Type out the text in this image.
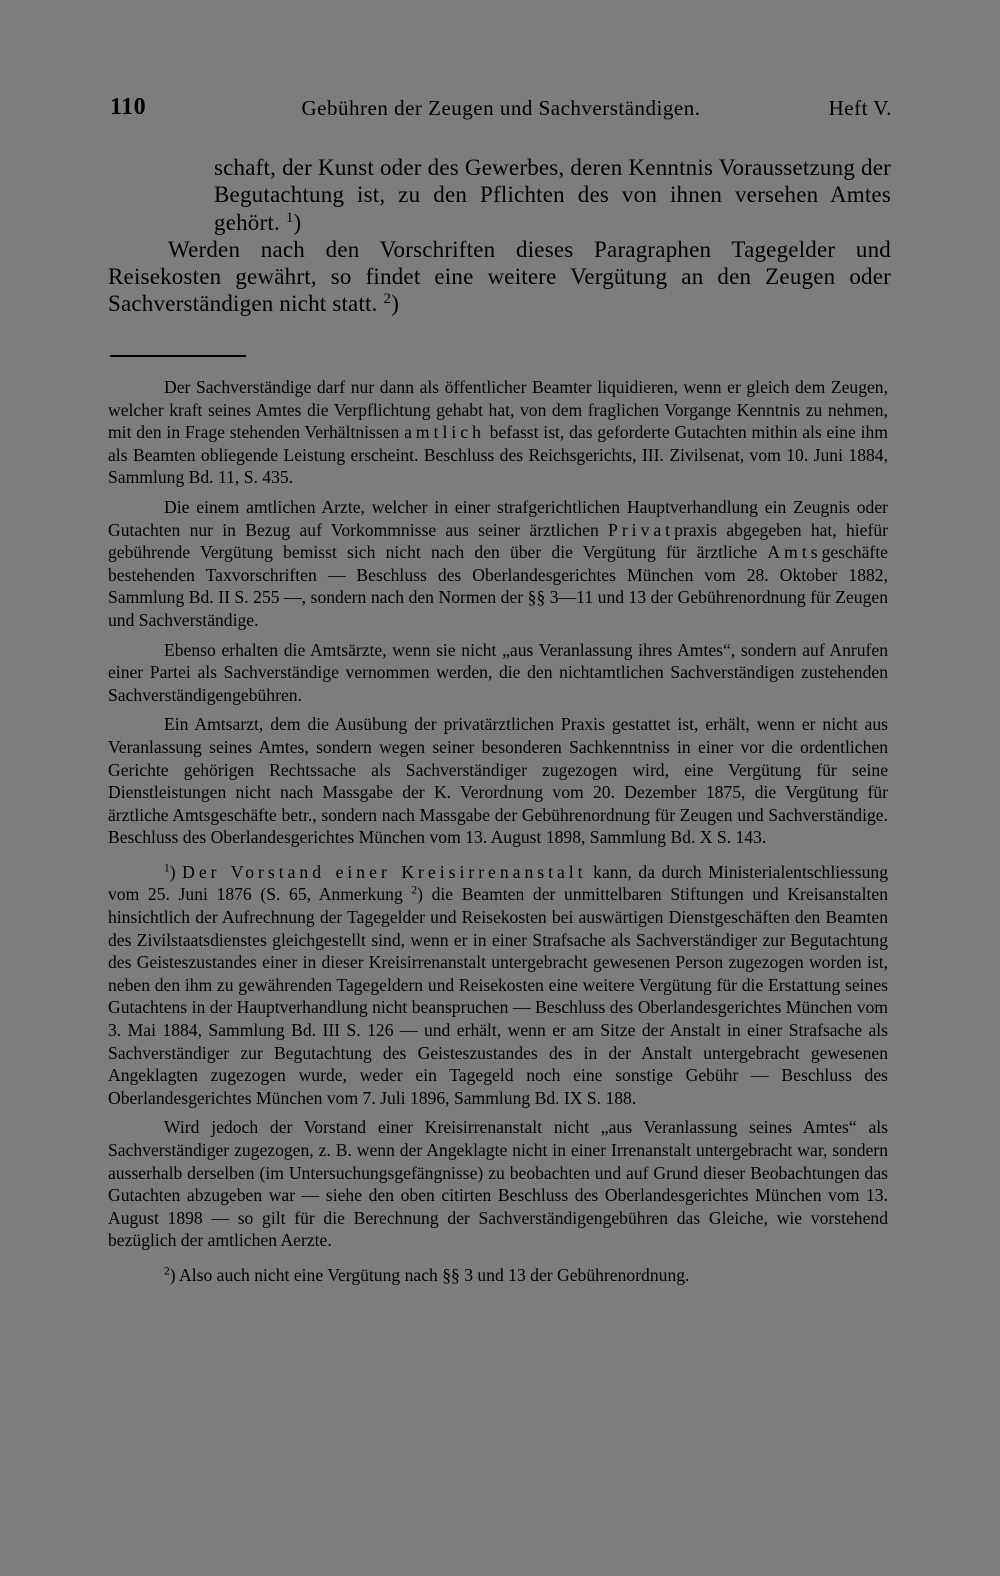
110	Gebühren der Zeugen und Sachverständigen.	Heft V.

schaft, der Kunst oder des Gewerbes, deren Kenntnis Voraussetzung der Begutachtung ist, zu den Pflichten des von ihnen versehen Amtes gehört. $^1$)

Werden nach den Vorschriften dieses Paragraphen Tagegelder und Reisekosten gewährt, so findet eine weitere Vergütung an den Zeugen oder Sachverständigen nicht statt. $^2$)

Der Sachverständige darf nur dann als öffentlicher Beamter liquidieren, wenn er gleich dem Zeugen, welcher kraft seines Amtes die Verpflichtung gehabt hat, von dem fraglichen Vorgange Kenntnis zu nehmen, mit den in Frage stehenden Verhältnissen amtlich befasst ist, das geforderte Gutachten mithin als eine ihm als Beamten obliegende Leistung erscheint. Beschluss des Reichsgerichts, III. Zivilsenat, vom 10. Juni 1884, Sammlung Bd. 11, S. 435.

Die einem amtlichen Arzte, welcher in einer strafgerichtlichen Hauptverhandlung ein Zeugnis oder Gutachten nur in Bezug auf Vorkommnisse aus seiner ärztlichen Privatpraxis abgegeben hat, hiefür gebührende Vergütung bemisst sich nicht nach den über die Vergütung für ärztliche Amtsgeschäfte bestehenden Taxvorschriften — Beschluss des Oberlandesgerichtes München vom 28. Oktober 1882, Sammlung Bd. II S. 255 —, sondern nach den Normen der §§ 3—11 und 13 der Gebührenordnung für Zeugen und Sachverständige.

Ebenso erhalten die Amtsärzte, wenn sie nicht „aus Veranlassung ihres Amtes“, sondern auf Anrufen einer Partei als Sachverständige vernommen werden, die den nichtamtlichen Sachverständigen zustehenden Sachverständigengebühren.

Ein Amtsarzt, dem die Ausübung der privatärztlichen Praxis gestattet ist, erhält, wenn er nicht aus Veranlassung seines Amtes, sondern wegen seiner besonderen Sachkenntniss in einer vor die ordentlichen Gerichte gehörigen Rechtssache als Sachverständiger zugezogen wird, eine Vergütung für seine Dienstleistungen nicht nach Massgabe der K. Verordnung vom 20. Dezember 1875, die Vergütung für ärztliche Amtsgeschäfte betr., sondern nach Massgabe der Gebührenordnung für Zeugen und Sachverständige. Beschluss des Oberlandesgerichtes München vom 13. August 1898, Sammlung Bd. X S. 143.

$^1$) Der Vorstand einer Kreisirrenanstalt kann, da durch Ministerialentschliessung vom 25. Juni 1876 (S. 65, Anmerkung $^2$) die Beamten der unmittelbaren Stiftungen und Kreisanstalten hinsichtlich der Aufrechnung der Tagegelder und Reisekosten bei auswärtigen Dienstgeschäften den Beamten des Zivilstaatsdienstes gleichgestellt sind, wenn er in einer Strafsache als Sachverständiger zur Begutachtung des Geisteszustandes einer in dieser Kreisirrenanstalt untergebracht gewesenen Person zugezogen worden ist, neben den ihm zu gewährenden Tagegeldern und Reisekosten eine weitere Vergütung für die Erstattung seines Gutachtens in der Hauptverhandlung nicht beanspruchen — Beschluss des Oberlandesgerichtes München vom 3. Mai 1884, Sammlung Bd. III S. 126 — und erhält, wenn er am Sitze der Anstalt in einer Strafsache als Sachverständiger zur Begutachtung des Geisteszustandes des in der Anstalt untergebracht gewesenen Angeklagten zugezogen wurde, weder ein Tagegeld noch eine sonstige Gebühr — Beschluss des Oberlandesgerichtes München vom 7. Juli 1896, Sammlung Bd. IX S. 188.

Wird jedoch der Vorstand einer Kreisirrenanstalt nicht „aus Veranlassung seines Amtes“ als Sachverständiger zugezogen, z. B. wenn der Angeklagte nicht in einer Irrenanstalt untergebracht war, sondern ausserhalb derselben (im Untersuchungsgefängnisse) zu beobachten und auf Grund dieser Beobachtungen das Gutachten abzugeben war — siehe den oben citirten Beschluss des Oberlandesgerichtes München vom 13. August 1898 — so gilt für die Berechnung der Sachverständigengebühren das Gleiche, wie vorstehend bezüglich der amtlichen Aerzte.

$^2$) Also auch nicht eine Vergütung nach §§ 3 und 13 der Gebührenordnung.
